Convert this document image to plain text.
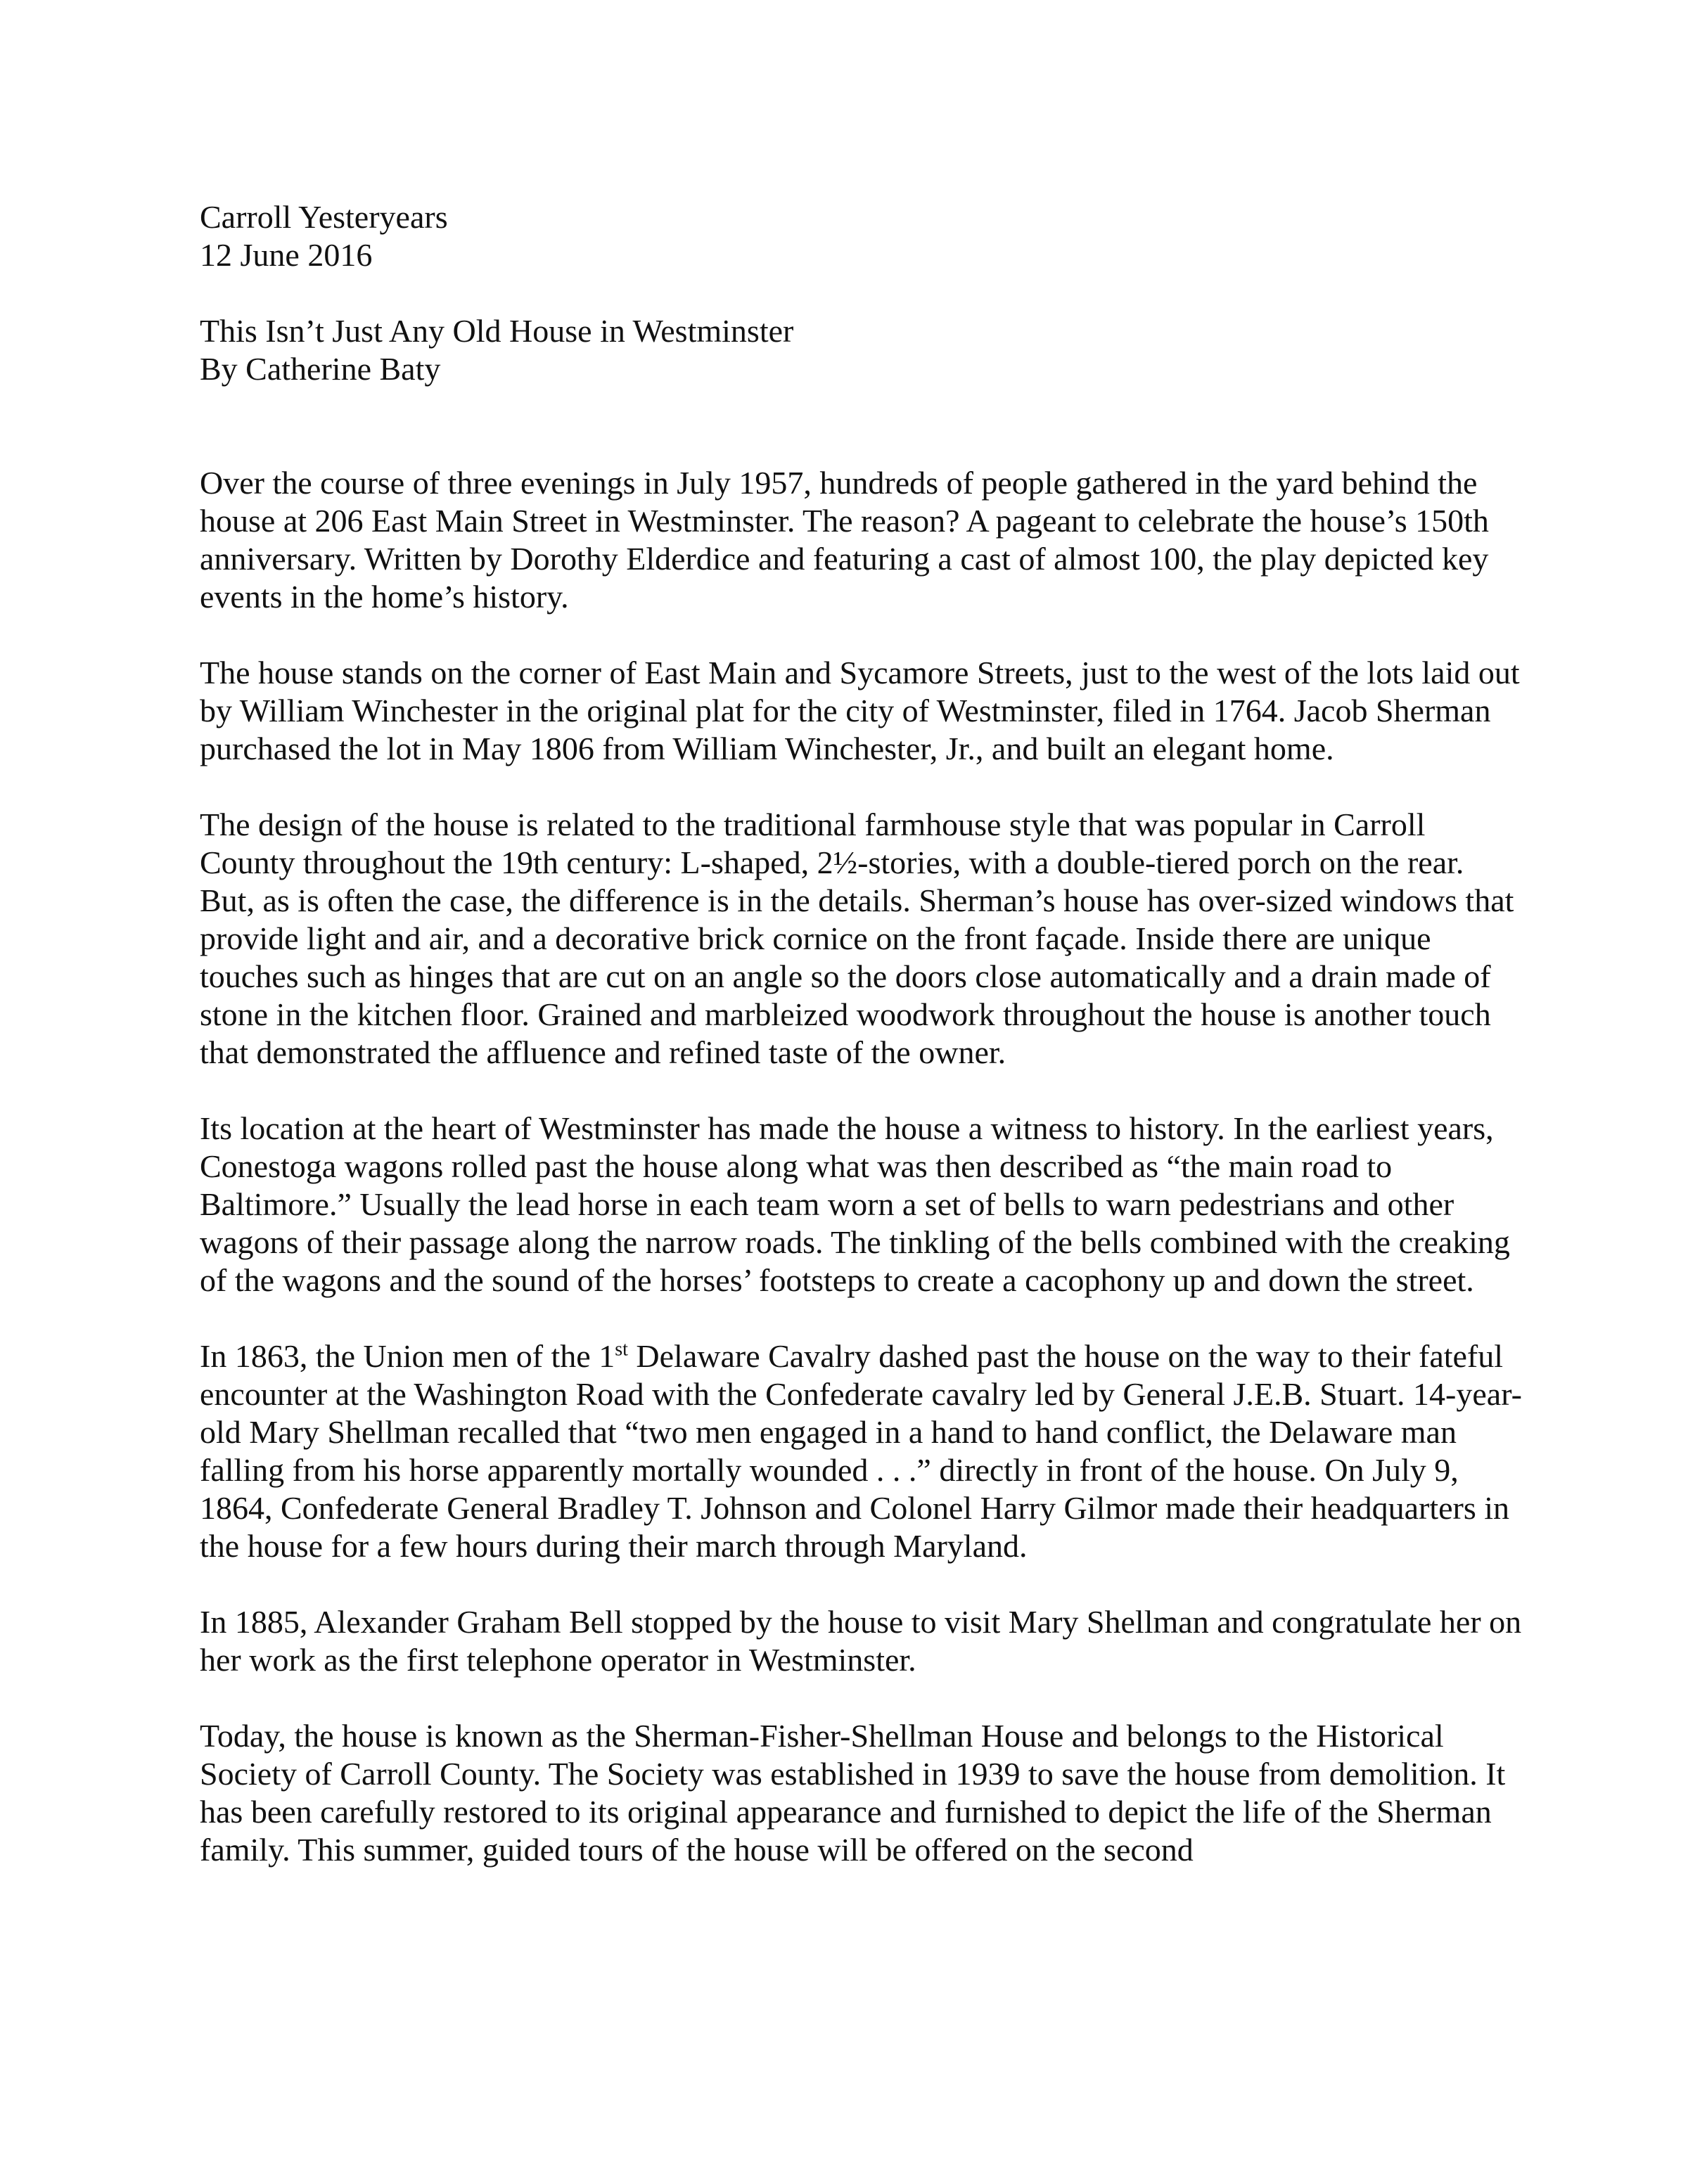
Carroll Yesteryears

12 June 2016

This Isn’t Just Any Old House in Westminster

By Catherine Baty

Over the course of three evenings in July 1957, hundreds of people gathered in the yard behind the house at 206 East Main Street in Westminster. The reason? A pageant to celebrate the house’s 150th anniversary. Written by Dorothy Elderdice and featuring a cast of almost 100, the play depicted key events in the home’s history.

The house stands on the corner of East Main and Sycamore Streets, just to the west of the lots laid out by William Winchester in the original plat for the city of Westminster, filed in 1764. Jacob Sherman purchased the lot in May 1806 from William Winchester, Jr., and built an elegant home.

The design of the house is related to the traditional farmhouse style that was popular in Carroll County throughout the 19th century: L-shaped, 2½-stories, with a double-tiered porch on the rear. But, as is often the case, the difference is in the details. Sherman’s house has over-sized windows that provide light and air, and a decorative brick cornice on the front façade. Inside there are unique touches such as hinges that are cut on an angle so the doors close automatically and a drain made of stone in the kitchen floor. Grained and marbleized woodwork throughout the house is another touch that demonstrated the affluence and refined taste of the owner.

Its location at the heart of Westminster has made the house a witness to history. In the earliest years, Conestoga wagons rolled past the house along what was then described as “the main road to Baltimore.” Usually the lead horse in each team worn a set of bells to warn pedestrians and other wagons of their passage along the narrow roads. The tinkling of the bells combined with the creaking of the wagons and the sound of the horses’ footsteps to create a cacophony up and down the street.

In 1863, the Union men of the 1st Delaware Cavalry dashed past the house on the way to their fateful encounter at the Washington Road with the Confederate cavalry led by General J.E.B. Stuart. 14-year-old Mary Shellman recalled that “two men engaged in a hand to hand conflict, the Delaware man falling from his horse apparently mortally wounded . . .” directly in front of the house. On July 9, 1864, Confederate General Bradley T. Johnson and Colonel Harry Gilmor made their headquarters in the house for a few hours during their march through Maryland.

In 1885, Alexander Graham Bell stopped by the house to visit Mary Shellman and congratulate her on her work as the first telephone operator in Westminster.

Today, the house is known as the Sherman-Fisher-Shellman House and belongs to the Historical Society of Carroll County. The Society was established in 1939 to save the house from demolition. It has been carefully restored to its original appearance and furnished to depict the life of the Sherman family. This summer, guided tours of the house will be offered on the second
